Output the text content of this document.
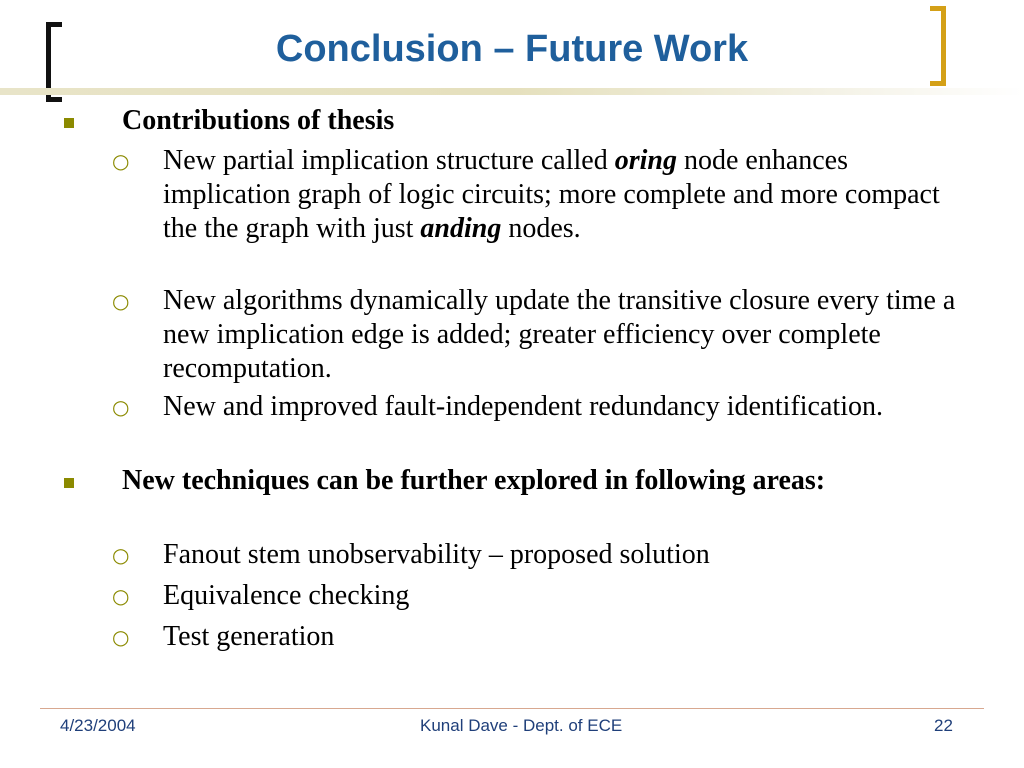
Conclusion – Future Work
Contributions of thesis
○ New partial implication structure called oring node enhances implication graph of logic circuits; more complete and more compact the the graph with just anding nodes.
○ New algorithms dynamically update the transitive closure every time a new implication edge is added; greater efficiency over complete recomputation.
○ New and improved fault-independent redundancy identification.
New techniques can be further explored in following areas:
○ Fanout stem unobservability – proposed solution
○ Equivalence checking
○ Test generation
4/23/2004	Kunal Dave - Dept. of ECE	22
